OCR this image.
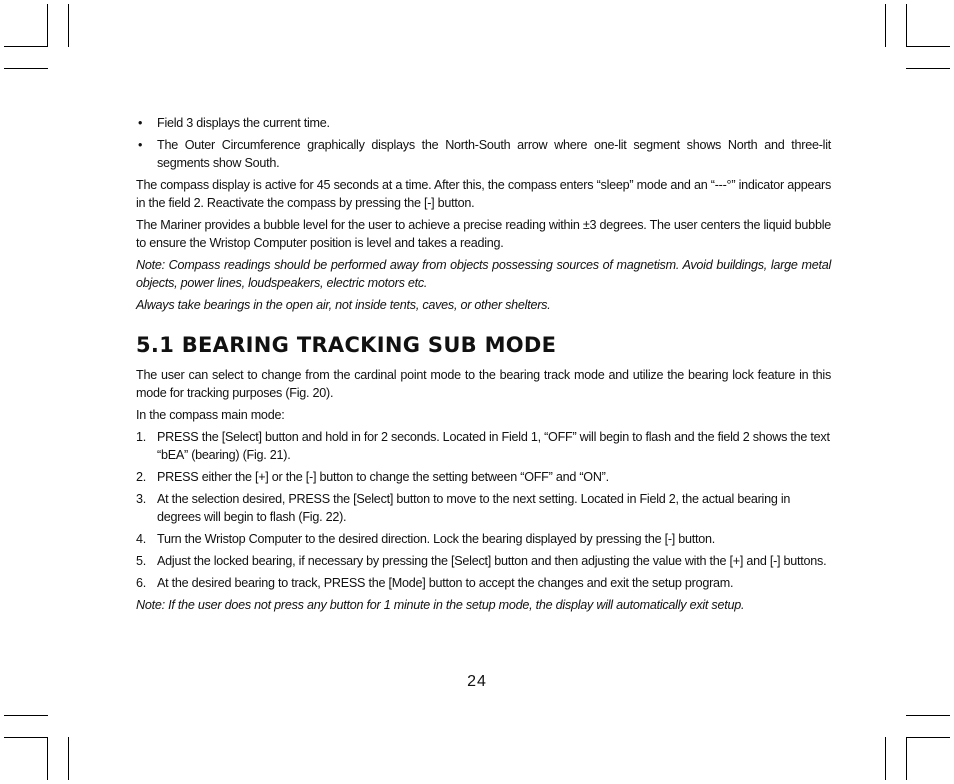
• Field 3 displays the current time.
• The Outer Circumference graphically displays the North-South arrow where one-lit segment shows North and three-lit segments show South.

The compass display is active for 45 seconds at a time. After this, the compass enters “sleep” mode and an “---°” indicator appears in the field 2. Reactivate the compass by pressing the [-] button.

The Mariner provides a bubble level for the user to achieve a precise reading within ±3 degrees. The user centers the liquid bubble to ensure the Wristop Computer position is level and takes a reading.

Note: Compass readings should be performed away from objects possessing sources of magnetism. Avoid buildings, large metal objects, power lines, loudspeakers, electric motors etc.

Always take bearings in the open air, not inside tents, caves, or other shelters.

5.1 BEARING TRACKING SUB MODE

The user can select to change from the cardinal point mode to the bearing track mode and utilize the bearing lock feature in this mode for tracking purposes (Fig. 20).

In the compass main mode:

1. PRESS the [Select] button and hold in for 2 seconds. Located in Field 1, “OFF” will begin to flash and the field 2 shows the text “bEA” (bearing) (Fig. 21).
2. PRESS either the [+] or the [-] button to change the setting between “OFF” and “ON”.
3. At the selection desired, PRESS the [Select] button to move to the next setting. Located in Field 2, the actual bearing in degrees will begin to flash (Fig. 22).
4. Turn the Wristop Computer to the desired direction. Lock the bearing displayed by pressing the [-] button.
5. Adjust the locked bearing, if necessary by pressing the [Select] button and then adjusting the value with the [+] and [-] buttons.
6. At the desired bearing to track, PRESS the [Mode] button to accept the changes and exit the setup program.

Note: If the user does not press any button for 1 minute in the setup mode, the display will automatically exit setup.

24
